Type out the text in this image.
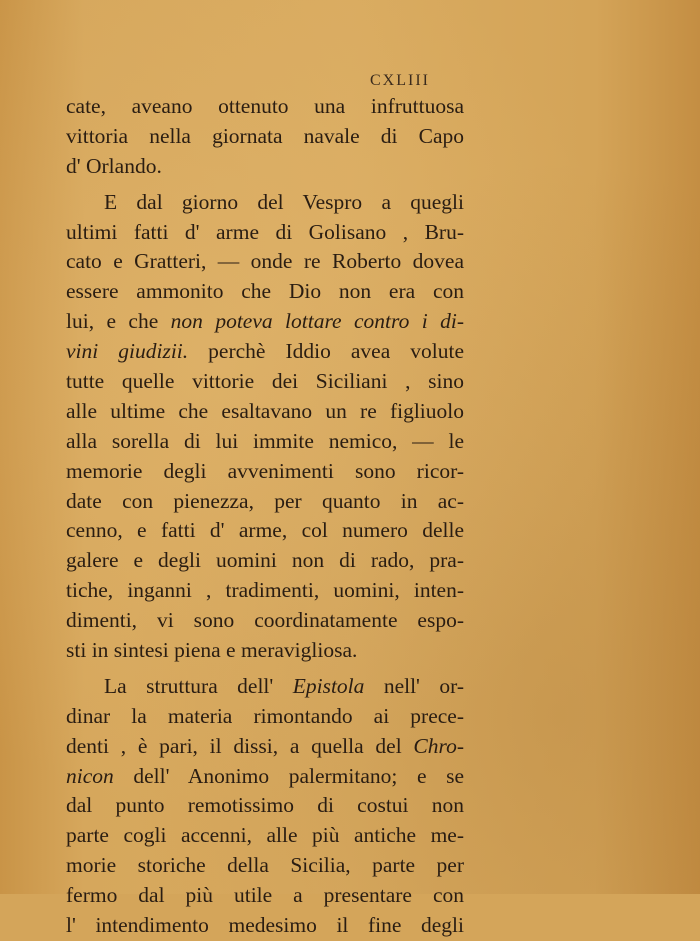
CXLIII
cate, aveano ottenuto una infruttuosa
vittoria nella giornata navale di Capo
d' Orlando.
E dal giorno del Vespro a quegli
ultimi fatti d' arme di Golisano , Bru-
cato e Gratteri, — onde re Roberto dovea
essere ammonito che Dio non era con
lui, e che non poteva lottare contro i di-
vini giudizii. perchè Iddio avea volute
tutte quelle vittorie dei Siciliani , sino
alle ultime che esaltavano un re figliuolo
alla sorella di lui immite nemico, — le
memorie degli avvenimenti sono ricor-
date con pienezza, per quanto in ac-
cenno, e fatti d' arme, col numero delle
galere e degli uomini non di rado, pra-
tiche, inganni , tradimenti, uomini, inten-
dimenti, vi sono coordinatamente espo-
sti in sintesi piena e meravigliosa.
La struttura dell' Epistola nell' or-
dinar la materia rimontando ai prece-
denti , è pari, il dissi, a quella del Chro-
nicon dell' Anonimo palermitano; e se
dal punto remotissimo di costui non
parte cogli accenni, alle più antiche me-
morie storiche della Sicilia, parte per
fermo dal più utile a presentare con
l' intendimento medesimo il fine degli
